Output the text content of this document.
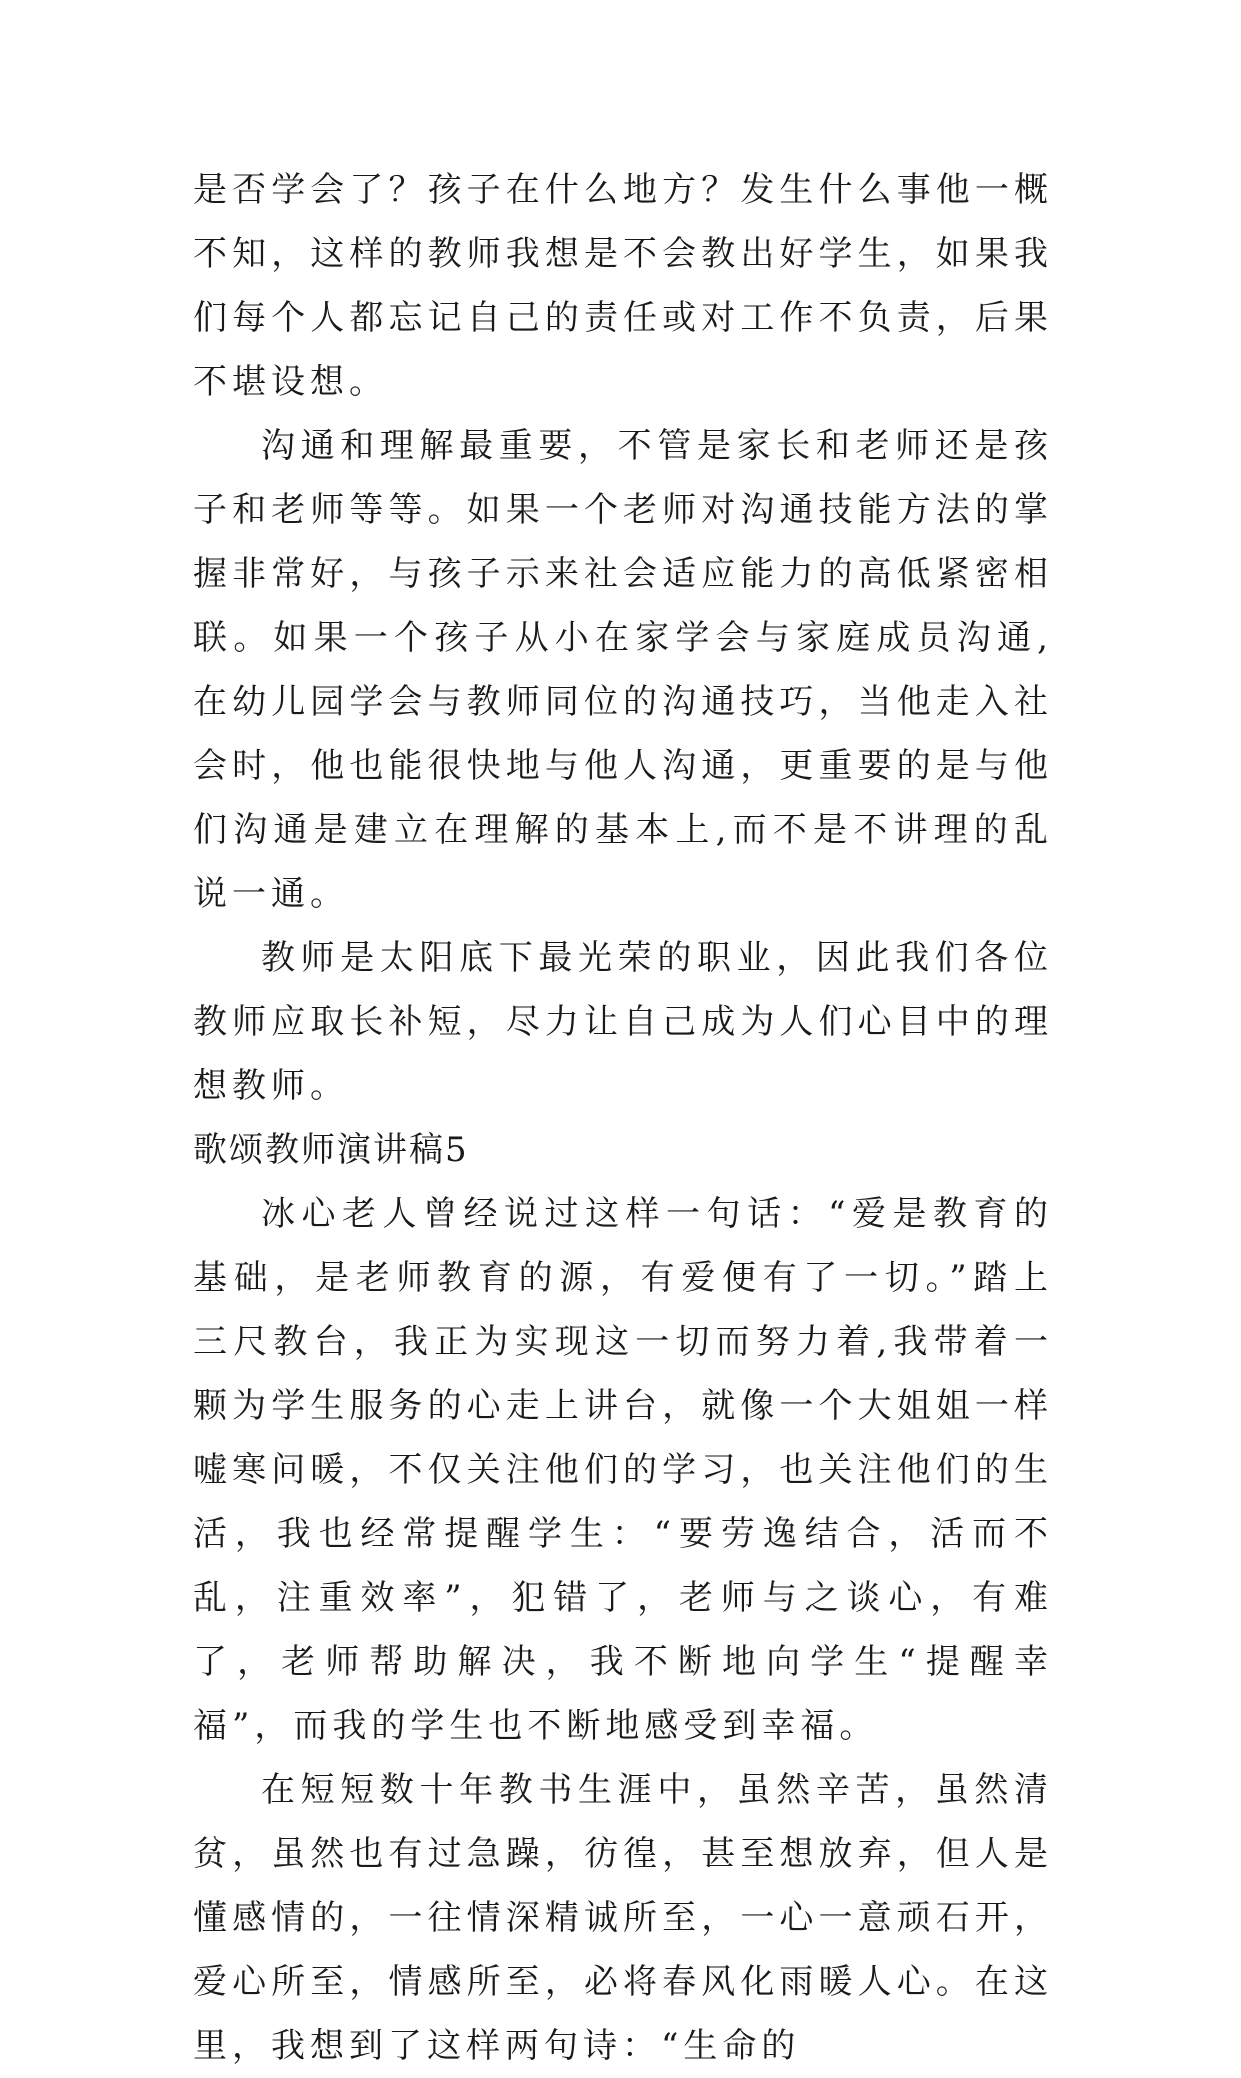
是否学会了？孩子在什么地方？发生什么事他一概不知，这样的教师我想是不会教出好学生，如果我们每个人都忘记自己的责任或对工作不负责，后果不堪设想。

沟通和理解最重要，不管是家长和老师还是孩子和老师等等。如果一个老师对沟通技能方法的掌握非常好，与孩子示来社会适应能力的高低紧密相联。如果一个孩子从小在家学会与家庭成员沟通,在幼儿园学会与教师同位的沟通技巧，当他走入社会时，他也能很快地与他人沟通，更重要的是与他们沟通是建立在理解的基本上,而不是不讲理的乱说一通。

教师是太阳底下最光荣的职业，因此我们各位教师应取长补短，尽力让自己成为人们心目中的理想教师。

歌颂教师演讲稿5

冰心老人曾经说过这样一句话：“爱是教育的基础，是老师教育的源，有爱便有了一切。”踏上三尺教台，我正为实现这一切而努力着,我带着一颗为学生服务的心走上讲台，就像一个大姐姐一样嘘寒问暖，不仅关注他们的学习，也关注他们的生活，我也经常提醒学生：“要劳逸结合，活而不乱，注重效率”，犯错了，老师与之谈心，有难了，老师帮助解决，我不断地向学生“提醒幸福”，而我的学生也不断地感受到幸福。

在短短数十年教书生涯中，虽然辛苦，虽然清贫，虽然也有过急躁，彷徨，甚至想放弃，但人是懂感情的，一往情深精诚所至，一心一意顽石开，爱心所至，情感所至，必将春风化雨暖人心。在这里，我想到了这样两句诗：“生命的
